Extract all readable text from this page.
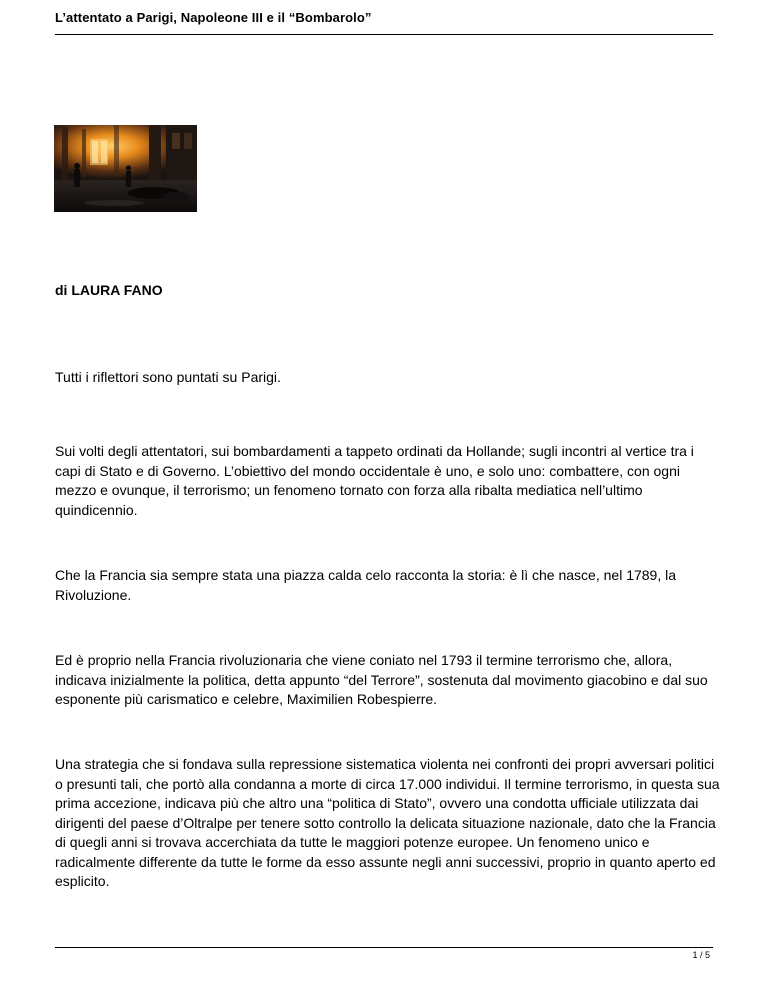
L’attentato a Parigi, Napoleone III e il “Bombarolo”
di LAURA FANO

Tutti i riflettori sono puntati su Parigi.

Sui volti degli attentatori, sui bombardamenti a tappeto ordinati da Hollande; sugli incontri al vertice tra i capi di Stato e di Governo. L’obiettivo del mondo occidentale è uno, e solo uno: combattere, con ogni mezzo e ovunque, il terrorismo; un fenomeno tornato con forza alla ribalta mediatica nell’ultimo quindicennio.

Che la Francia sia sempre stata una piazza calda celo racconta la storia: è lì che nasce, nel 1789, la Rivoluzione.

Ed è proprio nella Francia rivoluzionaria che viene coniato nel 1793 il termine terrorismo che, allora, indicava inizialmente la politica, detta appunto “del Terrore”, sostenuta dal movimento giacobino e dal suo esponente più carismatico e celebre, Maximilien Robespierre.

Una strategia che si fondava sulla repressione sistematica violenta nei confronti dei propri avversari politici o presunti tali, che portò alla condanna a morte di circa 17.000 individui. Il termine terrorismo, in questa sua prima accezione, indicava più che altro una “politica di Stato”, ovvero una condotta ufficiale utilizzata dai dirigenti del paese d’Oltralpe per tenere sotto controllo la delicata situazione nazionale, dato che la Francia di quegli anni si trovava accerchiata da tutte le maggiori potenze europee. Un fenomeno unico e radicalmente differente da tutte le forme da esso assunte negli anni successivi, proprio in quanto aperto ed esplicito.

1 / 5
